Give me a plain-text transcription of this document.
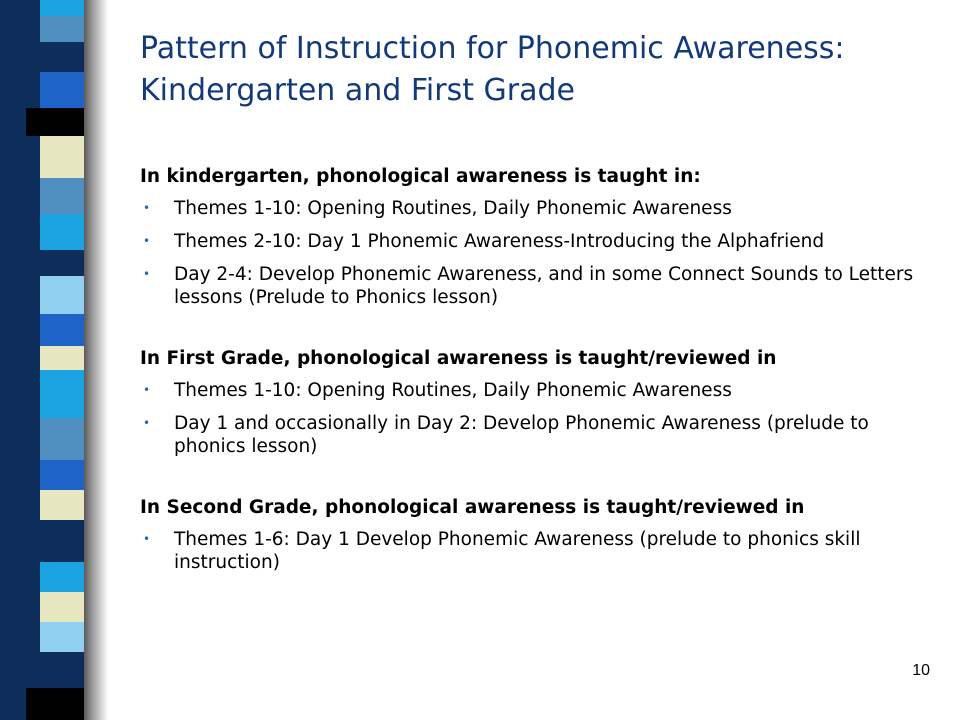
Pattern of Instruction for Phonemic Awareness: Kindergarten and First Grade
In kindergarten, phonological awareness is taught in:
• Themes 1-10: Opening Routines, Daily Phonemic Awareness
• Themes 2-10: Day 1 Phonemic Awareness-Introducing the Alphafriend
• Day 2-4: Develop Phonemic Awareness, and in some Connect Sounds to Letters lessons (Prelude to Phonics lesson)
In First Grade, phonological awareness is taught/reviewed in
• Themes 1-10: Opening Routines, Daily Phonemic Awareness
• Day 1 and occasionally in Day 2: Develop Phonemic Awareness (prelude to phonics lesson)
In Second Grade, phonological awareness is taught/reviewed in
• Themes 1-6: Day 1 Develop Phonemic Awareness (prelude to phonics skill instruction)
10
